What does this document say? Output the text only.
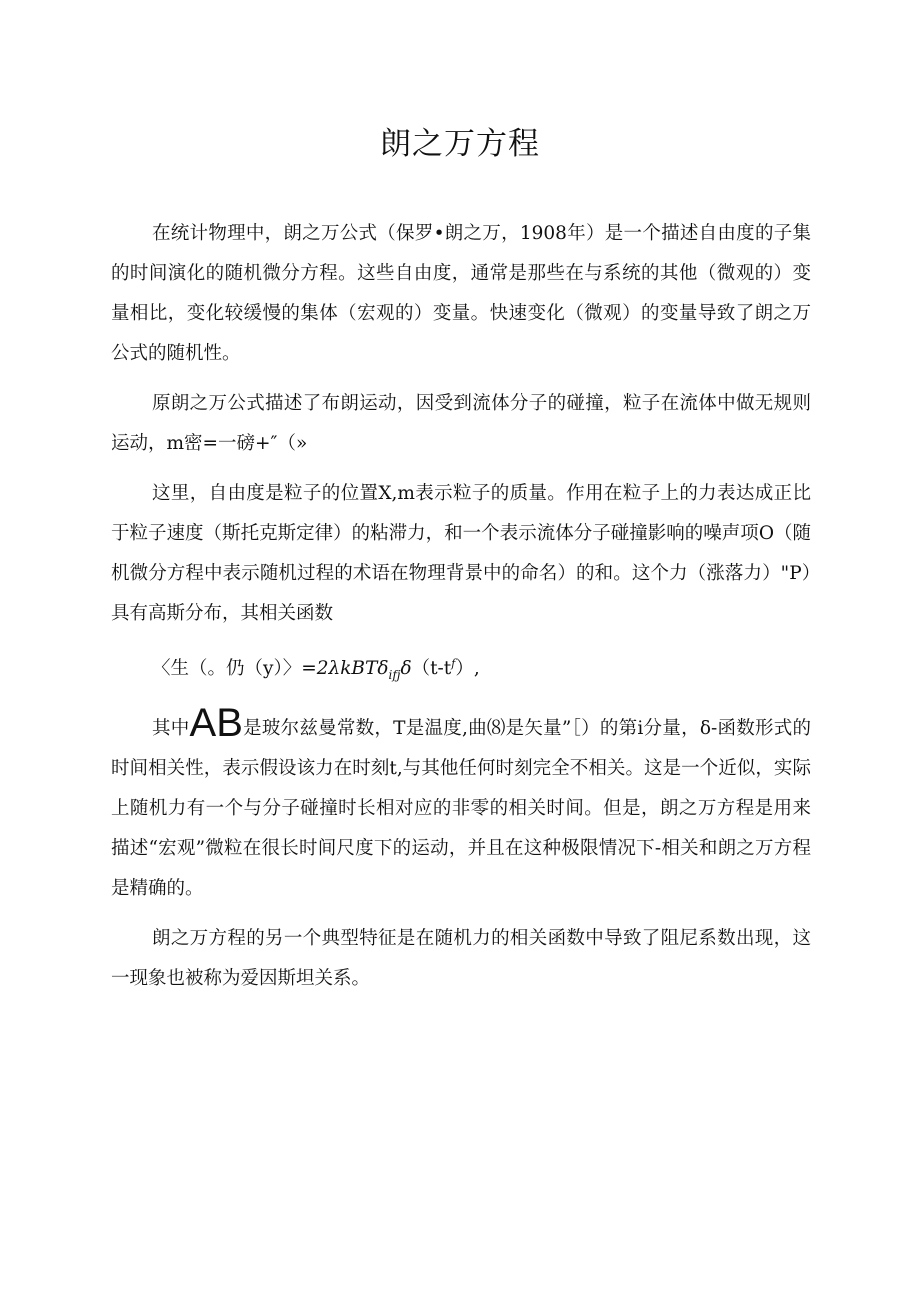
朗之万方程

在统计物理中，朗之万公式（保罗•朗之万，1908年）是一个描述自由度的子集的时间演化的随机微分方程。这些自由度，通常是那些在与系统的其他（微观的）变量相比，变化较缓慢的集体（宏观的）变量。快速变化（微观）的变量导致了朗之万公式的随机性。

原朗之万公式描述了布朗运动，因受到流体分子的碰撞，粒子在流体中做无规则运动，m密=一磅+″（»

这里，自由度是粒子的位置X,m表示粒子的质量。作用在粒子上的力表达成正比于粒子速度（斯托克斯定律）的粘滞力，和一个表示流体分子碰撞影响的噪声项O（随机微分方程中表示随机过程的术语在物理背景中的命名）的和。这个力（涨落力）"P）具有高斯分布，其相关函数

〈生（。仍（y）〉$=2\lambda kBT\delta_{ifj}\delta(t-t^f)$,

其中AB是玻尔兹曼常数，T是温度,曲⑻是矢量”［）的第i分量，δ-函数形式的时间相关性，表示假设该力在时刻t,与其他任何时刻完全不相关。这是一个近似，实际上随机力有一个与分子碰撞时长相对应的非零的相关时间。但是，朗之万方程是用来描述“宏观”微粒在很长时间尺度下的运动，并且在这种极限情况下-相关和朗之万方程是精确的。

朗之万方程的另一个典型特征是在随机力的相关函数中导致了阻尼系数出现，这一现象也被称为爱因斯坦关系。
